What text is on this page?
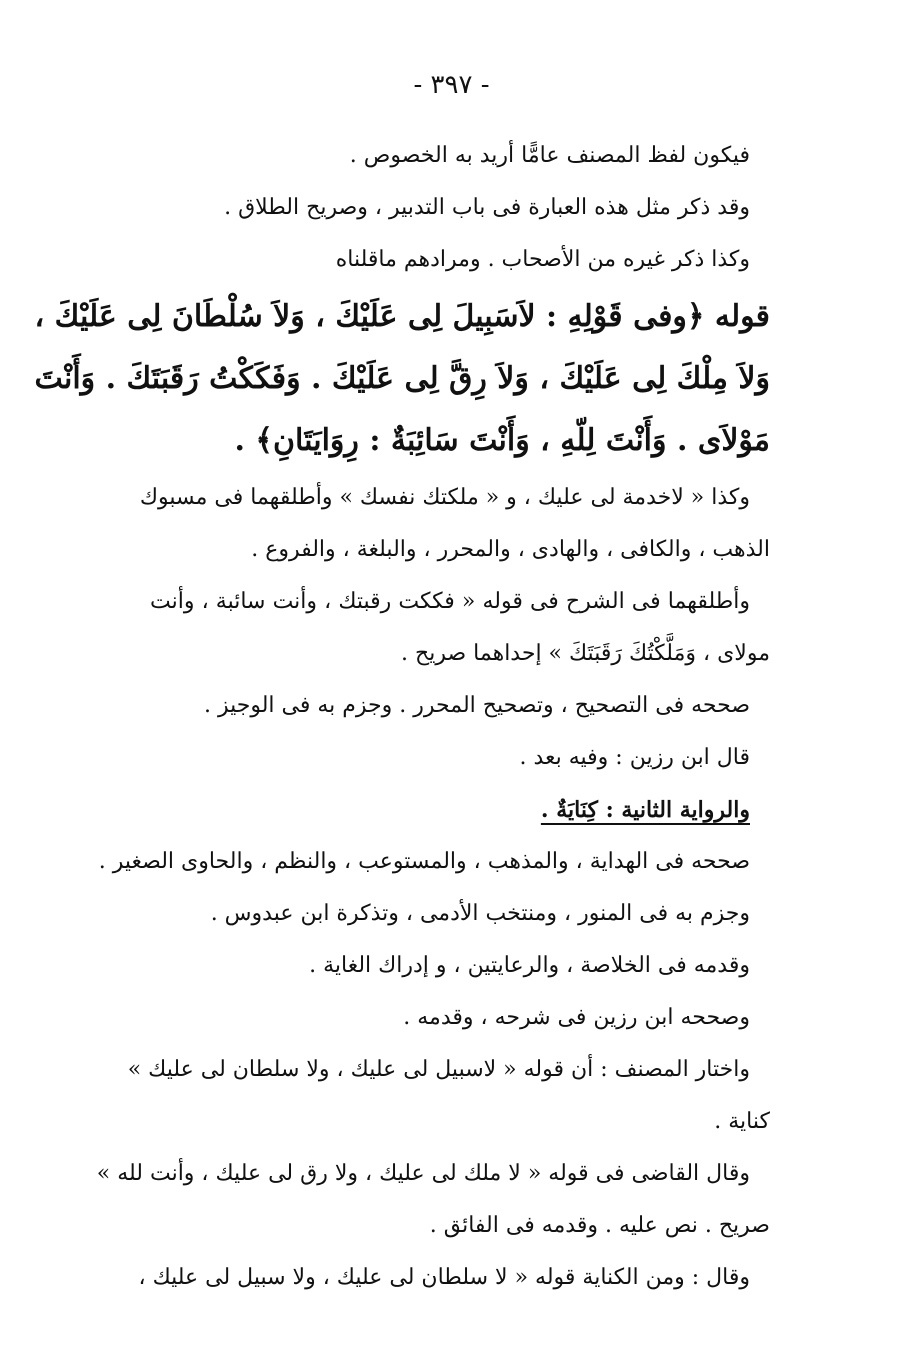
- ٣٩٧ -
فيكون لفظ المصنف عامًّا أريد به الخصوص .
وقد ذكر مثل هذه العبارة فى باب التدبير ، وصريح الطلاق .
وكذا ذكر غيره من الأصحاب . ومرادهم ماقلناه
قوله ﴿وفى قَوْلِهِ : لاَسَبِيلَ لِى عَلَيْكَ ، وَلاَ سُلْطَانَ لِى عَلَيْكَ ،
وَلاَ مِلْكَ لِى عَلَيْكَ ، وَلاَ رِقَّ لِى عَلَيْكَ . وَفَكَكْتُ رَقَبَتَكَ . وَأَنْتَ
مَوْلاَى . وَأَنْتَ لِلّهِ ، وَأَنْتَ سَائِبَةٌ : رِوَايَتَانِ﴾ .
وكذا « لاخدمة لى عليك ، و « ملكتك نفسك » وأطلقهما فى مسبوك
الذهب ، والكافى ، والهادى ، والمحرر ، والبلغة ، والفروع .
وأطلقهما فى الشرح فى قوله « فككت رقبتك ، وأنت سائبة ، وأنت
مولاى ، وَمَلَّكْتُكَ رَقَبَتَكَ » إحداهما صريح .
صححه فى التصحيح ، وتصحيح المحرر . وجزم به فى الوجيز .
قال ابن رزين : وفيه بعد .
والرواية الثانية : كِنَايَةٌ .
صححه فى الهداية ، والمذهب ، والمستوعب ، والنظم ، والحاوى الصغير .
وجزم به فى المنور ، ومنتخب الأدمى ، وتذكرة ابن عبدوس .
وقدمه فى الخلاصة ، والرعايتين ، و إدراك الغاية .
وصححه ابن رزين فى شرحه ، وقدمه .
واختار المصنف : أن قوله « لاسبيل لى عليك ، ولا سلطان لى عليك »
كناية .
وقال القاضى فى قوله « لا ملك لى عليك ، ولا رق لى عليك ، وأنت لله »
صريح . نص عليه . وقدمه فى الفائق .
وقال : ومن الكناية قوله « لا سلطان لى عليك ، ولا سبيل لى عليك ،
